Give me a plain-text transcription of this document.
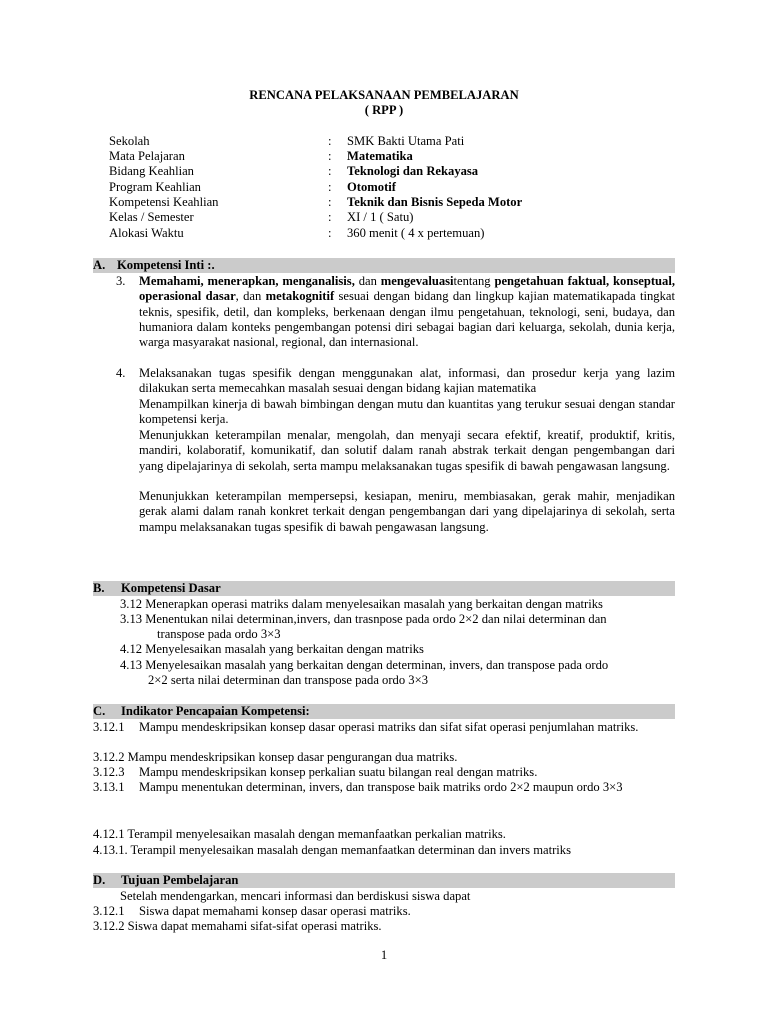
RENCANA PELAKSANAAN PEMBELAJARAN
( RPP )
Sekolah	: SMK Bakti Utama Pati
Mata Pelajaran	: Matematika
Bidang Keahlian	: Teknologi dan Rekayasa
Program Keahlian	: Otomotif
Kompetensi Keahlian	: Teknik dan Bisnis Sepeda Motor
Kelas / Semester	: XI / 1 ( Satu)
Alokasi Waktu	: 360 menit ( 4 x pertemuan)
A. Kompetensi Inti :.
3. Memahami, menerapkan, menganalisis, dan mengevaluasitentang pengetahuan faktual, konseptual, operasional dasar, dan metakognitif sesuai dengan bidang dan lingkup kajian matematikapada tingkat teknis, spesifik, detil, dan kompleks, berkenaan dengan ilmu pengetahuan, teknologi, seni, budaya, dan humaniora dalam konteks pengembangan potensi diri sebagai bagian dari keluarga, sekolah, dunia kerja, warga masyarakat nasional, regional, dan internasional.
4. Melaksanakan tugas spesifik dengan menggunakan alat, informasi, dan prosedur kerja yang lazim dilakukan serta memecahkan masalah sesuai dengan bidang kajian matematika
Menampilkan kinerja di bawah bimbingan dengan mutu dan kuantitas yang terukur sesuai dengan standar kompetensi kerja.
Menunjukkan keterampilan menalar, mengolah, dan menyaji secara efektif, kreatif, produktif, kritis, mandiri, kolaboratif, komunikatif, dan solutif dalam ranah abstrak terkait dengan pengembangan dari yang dipelajarinya di sekolah, serta mampu melaksanakan tugas spesifik di bawah pengawasan langsung.
Menunjukkan keterampilan mempersepsi, kesiapan, meniru, membiasakan, gerak mahir, menjadikan gerak alami dalam ranah konkret terkait dengan pengembangan dari yang dipelajarinya di sekolah, serta mampu melaksanakan tugas spesifik di bawah pengawasan langsung.
B. Kompetensi Dasar
3.12 Menerapkan operasi matriks dalam menyelesaikan masalah yang berkaitan dengan matriks
3.13 Menentukan nilai determinan,invers, dan trasnpose pada ordo 2×2 dan nilai determinan dan
transpose pada ordo 3×3
4.12 Menyelesaikan masalah yang berkaitan dengan matriks
4.13 Menyelesaikan masalah yang berkaitan dengan determinan, invers, dan transpose pada ordo
2×2 serta nilai determinan dan transpose pada ordo 3×3
C. Indikator Pencapaian Kompetensi:
3.12.1 Mampu mendeskripsikan konsep dasar operasi matriks dan sifat sifat operasi penjumlahan matriks.
3.12.2 Mampu mendeskripsikan konsep dasar pengurangan dua matriks.
3.12.3 Mampu mendeskripsikan konsep perkalian suatu bilangan real dengan matriks.
3.13.1 Mampu menentukan determinan, invers, dan transpose baik matriks ordo 2×2 maupun ordo 3×3
4.12.1 Terampil menyelesaikan masalah dengan memanfaatkan perkalian matriks.
4.13.1. Terampil menyelesaikan masalah dengan memanfaatkan determinan dan invers matriks
D. Tujuan Pembelajaran
Setelah mendengarkan, mencari informasi dan berdiskusi siswa dapat
3.12.1 Siswa dapat memahami konsep dasar operasi matriks.
3.12.2 Siswa dapat memahami sifat-sifat operasi matriks.
1
